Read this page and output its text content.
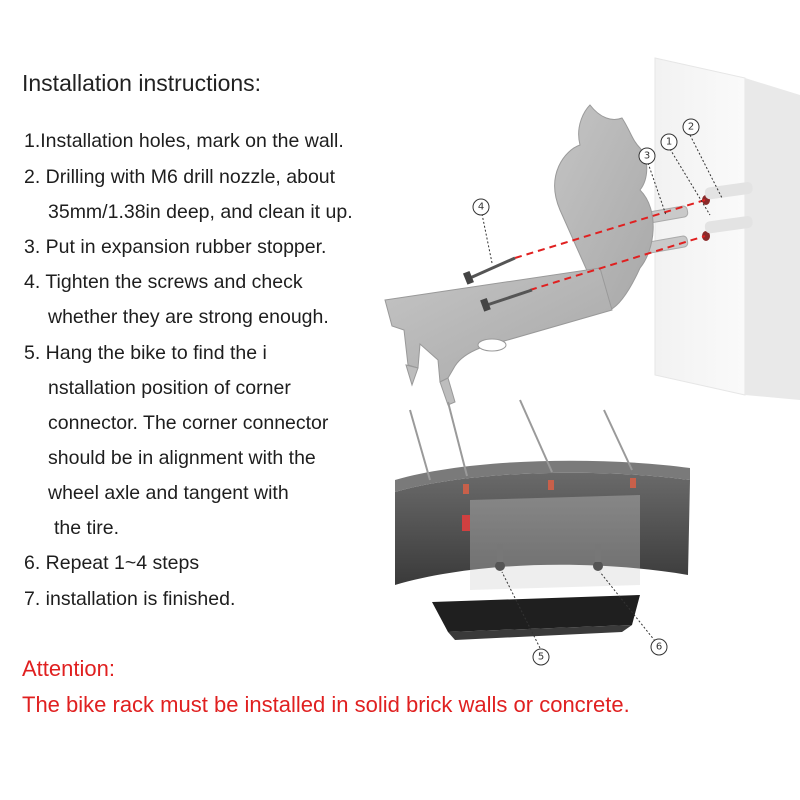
Installation instructions:
1.Installation holes, mark on the wall.
2. Drilling with M6 drill nozzle, about
35mm/1.38in deep, and clean it up.
3. Put in expansion rubber stopper.
4. Tighten the screws and check
whether they are strong enough.
5. Hang the bike to find the i
nstallation position of corner
connector. The corner connector
should be in alignment with the
wheel axle and tangent with
the tire.
6. Repeat 1~4 steps
7. installation is finished.
Attention:
The bike rack must be installed in solid brick walls or concrete.
2
1
3
4
5
6
